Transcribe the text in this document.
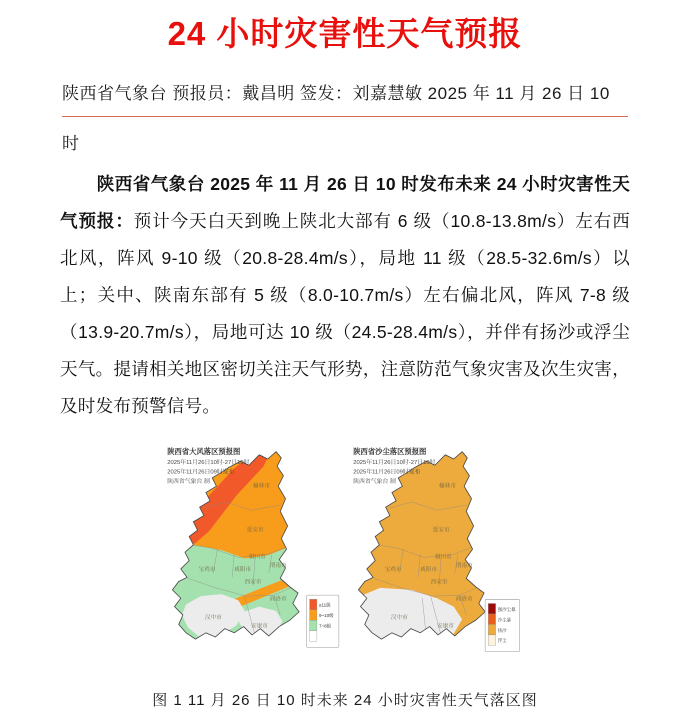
24 小时灾害性天气预报
陕西省气象台 预报员：戴昌明 签发：刘嘉慧敏 2025 年 11 月 26 日 10
时

陕西省气象台 2025 年 11 月 26 日 10 时发布未来 24 小时灾害性天气预报：预计今天白天到晚上陕北大部有 6 级（10.8-13.8m/s）左右西北风，阵风 9-10 级（20.8-28.4m/s），局地 11 级（28.5-32.6m/s）以上；关中、陕南东部有 5 级（8.0-10.7m/s）左右偏北风，阵风 7-8 级（13.9-20.7m/s），局地可达 10 级（24.5-28.4m/s），并伴有扬沙或浮尘天气。提请相关地区密切关注天气形势，注意防范气象灾害及次生灾害，及时发布预警信号。

陕西省大风落区预报图
2025年11月26日10时-27日10时
2025年11月26日09时发布
陕西省气象台 制
榆林市
延安市
铜川市
渭南市
咸阳市
宝鸡市
西安市
商洛市
汉中市
安康市
≥11级
9~10级
7~8级
陕西省沙尘落区预报图
2025年11月26日10时-27日10时
2025年11月26日09时发布
陕西省气象台 制
榆林市
延安市
铜川市
渭南市
咸阳市
宝鸡市
西安市
商洛市
汉中市
安康市
强沙尘暴
沙尘暴
扬沙
浮尘
图 1 11 月 26 日 10 时未来 24 小时灾害性天气落区图
